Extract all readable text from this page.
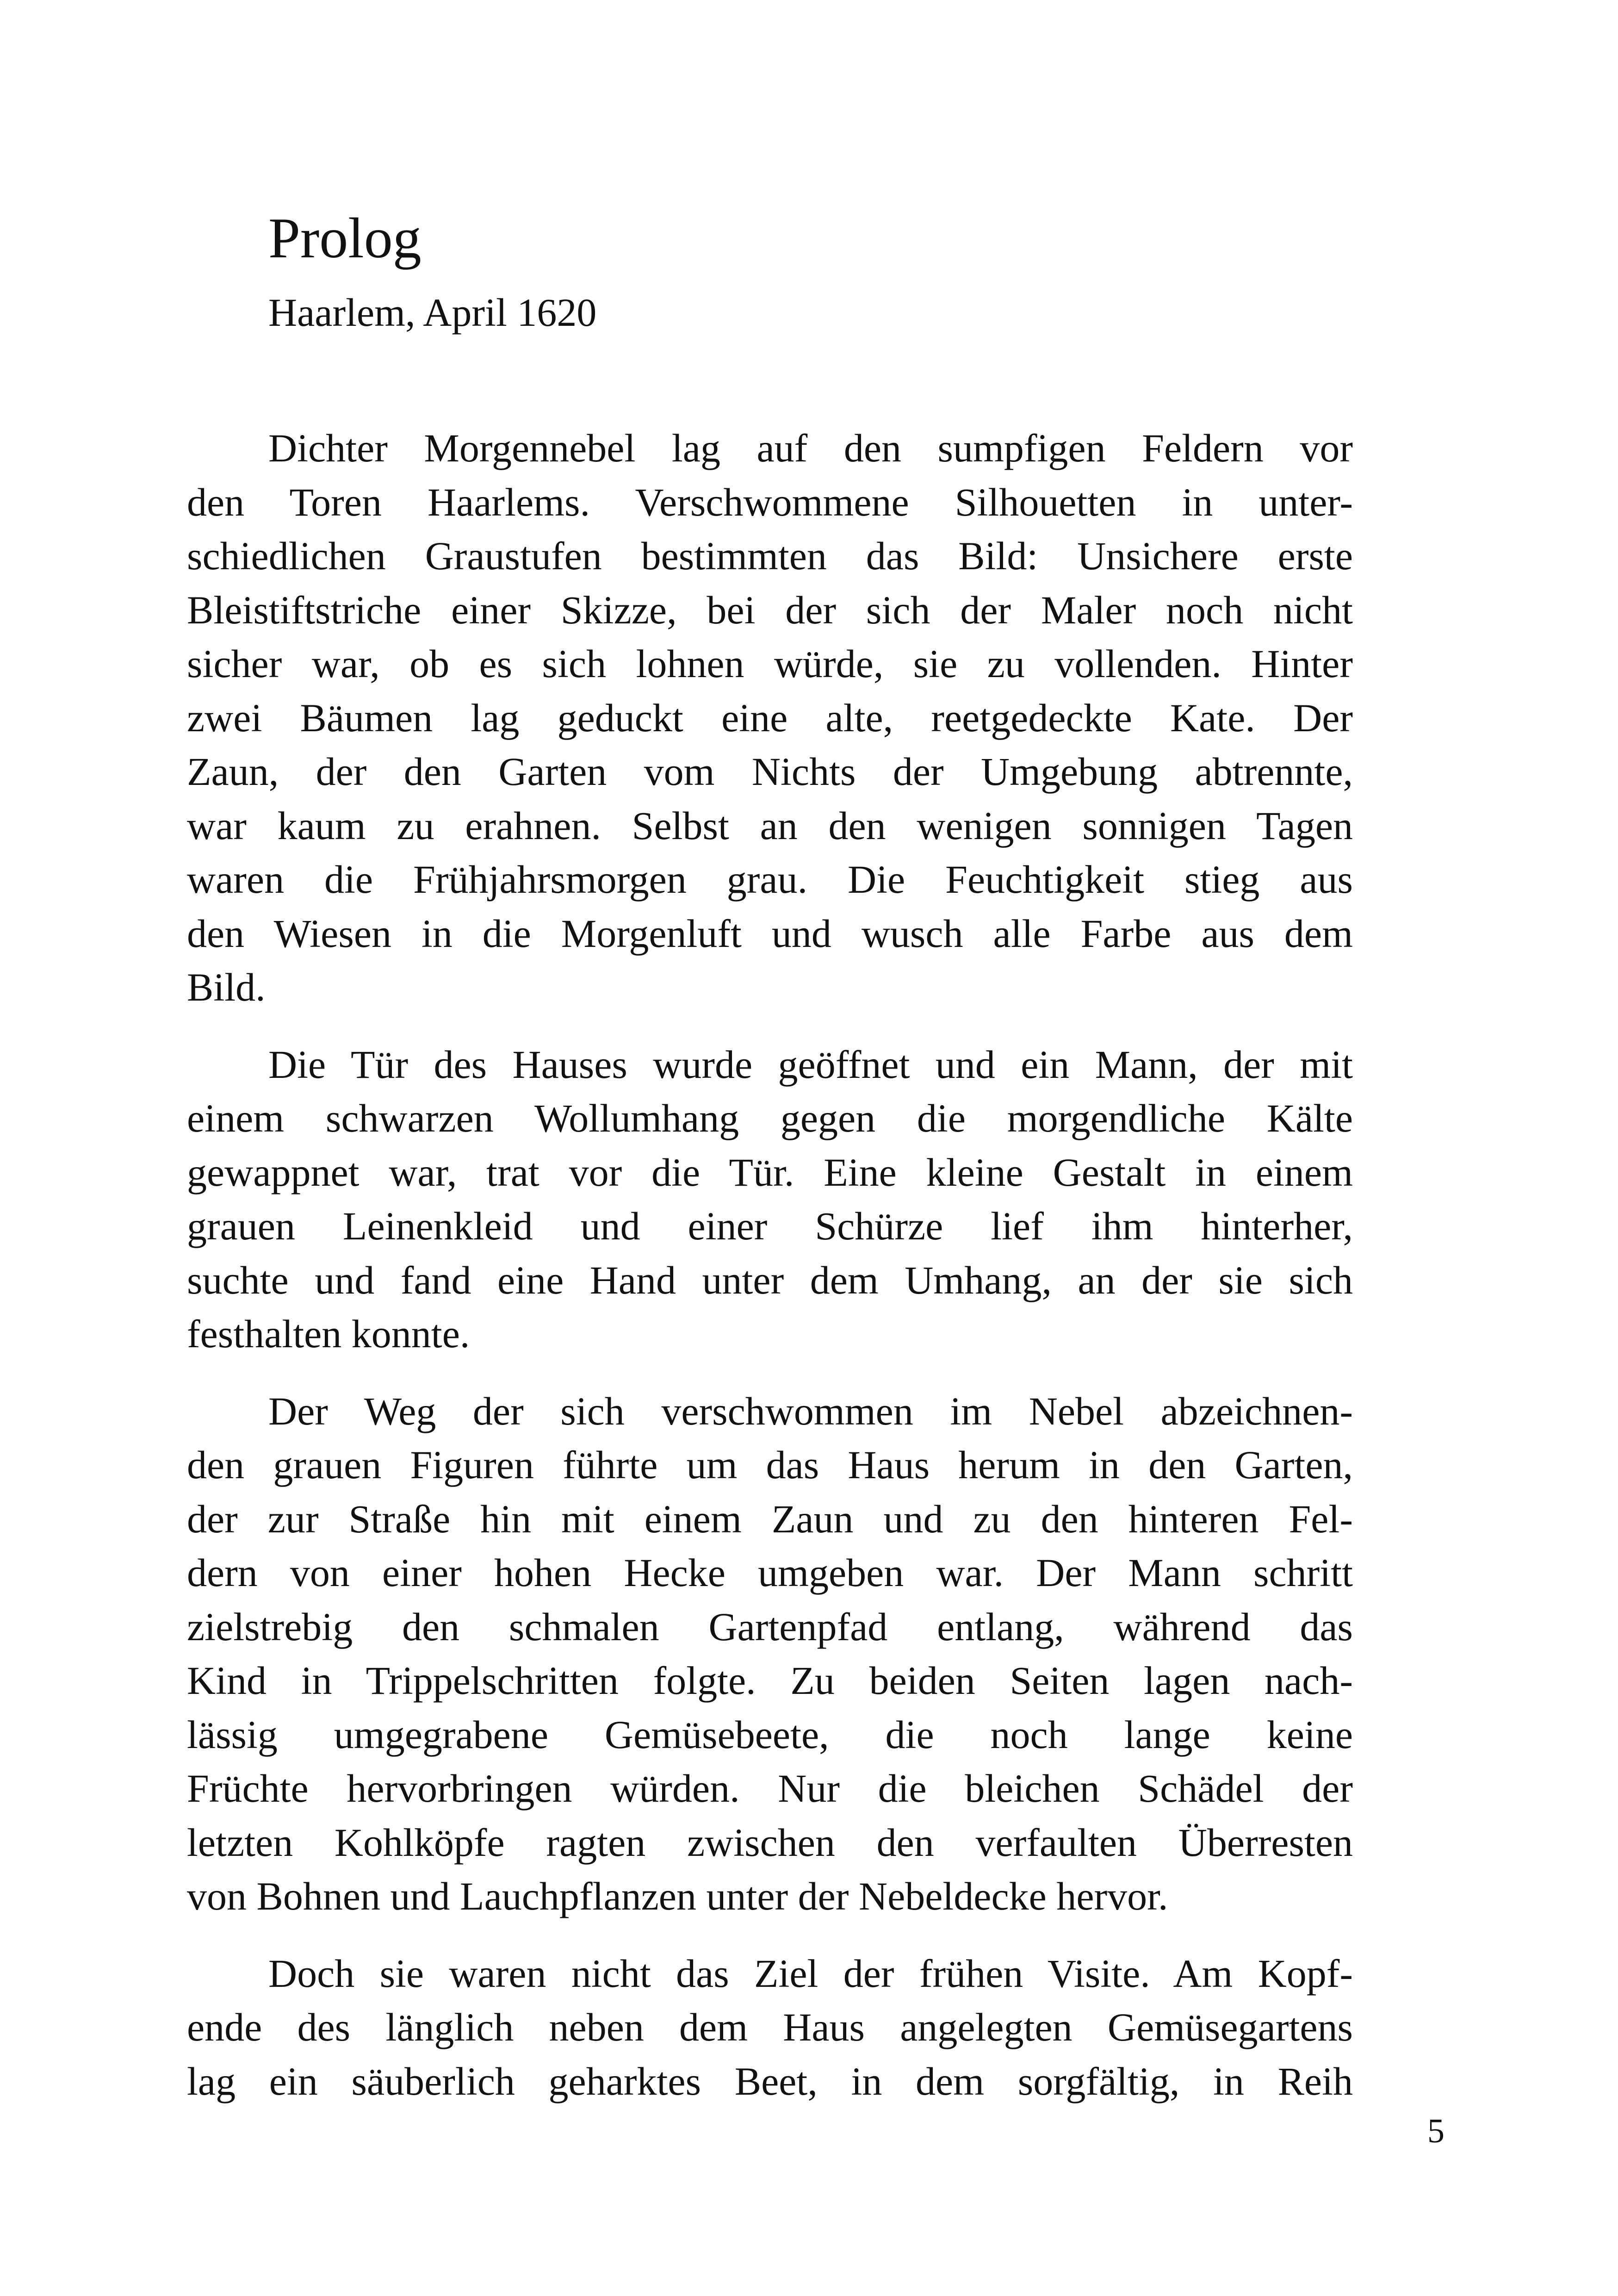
Prolog
Haarlem, April 1620

Dichter Morgennebel lag auf den sumpfigen Feldern vor
den Toren Haarlems. Verschwommene Silhouetten in unter-
schiedlichen Graustufen bestimmten das Bild: Unsichere erste
Bleistiftstriche einer Skizze, bei der sich der Maler noch nicht
sicher war, ob es sich lohnen würde, sie zu vollenden. Hinter
zwei Bäumen lag geduckt eine alte, reetgedeckte Kate. Der
Zaun, der den Garten vom Nichts der Umgebung abtrennte,
war kaum zu erahnen. Selbst an den wenigen sonnigen Tagen
waren die Frühjahrsmorgen grau. Die Feuchtigkeit stieg aus
den Wiesen in die Morgenluft und wusch alle Farbe aus dem
Bild.

Die Tür des Hauses wurde geöffnet und ein Mann, der mit
einem schwarzen Wollumhang gegen die morgendliche Kälte
gewappnet war, trat vor die Tür. Eine kleine Gestalt in einem
grauen Leinenkleid und einer Schürze lief ihm hinterher,
suchte und fand eine Hand unter dem Umhang, an der sie sich
festhalten konnte.

Der Weg der sich verschwommen im Nebel abzeichnen-
den grauen Figuren führte um das Haus herum in den Garten,
der zur Straße hin mit einem Zaun und zu den hinteren Fel-
dern von einer hohen Hecke umgeben war. Der Mann schritt
zielstrebig den schmalen Gartenpfad entlang, während das
Kind in Trippelschritten folgte. Zu beiden Seiten lagen nach-
lässig umgegrabene Gemüsebeete, die noch lange keine
Früchte hervorbringen würden. Nur die bleichen Schädel der
letzten Kohlköpfe ragten zwischen den verfaulten Überresten
von Bohnen und Lauchpflanzen unter der Nebeldecke hervor.

Doch sie waren nicht das Ziel der frühen Visite. Am Kopf-
ende des länglich neben dem Haus angelegten Gemüsegartens
lag ein säuberlich geharktes Beet, in dem sorgfältig, in Reih

5
